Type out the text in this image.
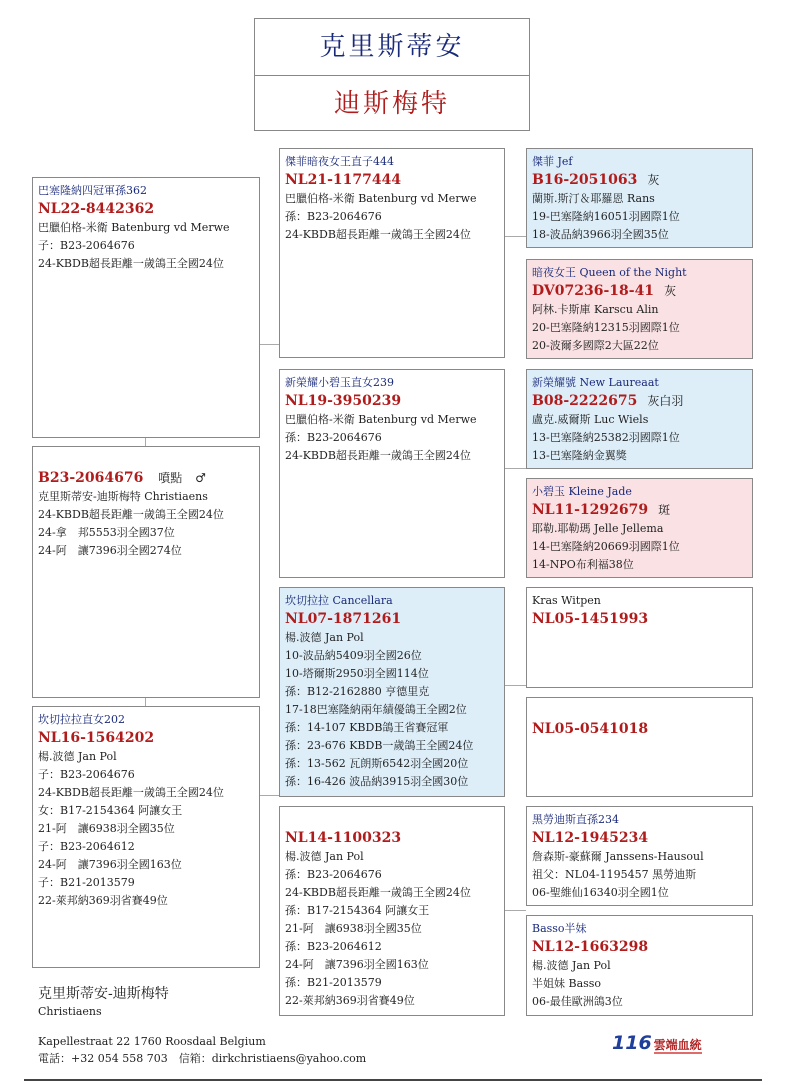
克里斯蒂安
迪斯梅特
巴塞隆納四冠軍孫362
NL22-8442362
巴臘伯格-米衛 Batenburg vd Merwe
子：B23-2064676
24-KBDB超長距離一歲鴿王全國24位
B23-2064676 噴點 ♂
克里斯蒂安-迪斯梅特 Christiaens
24-KBDB超長距離一歲鴿王全國24位
24-拿　邦5553羽全國37位
24-阿　讓7396羽全國274位
坎切拉拉直女202
NL16-1564202
楊.波德 Jan Pol
子：B23-2064676
24-KBDB超長距離一歲鴿王全國24位
女：B17-2154364 阿讓女王
21-阿　讓6938羽全國35位
子：B23-2064612
24-阿　讓7396羽全國163位
子：B21-2013579
22-萊邦納369羽省賽49位
傑菲暗夜女王直子444
NL21-1177444
巴臘伯格-米衛 Batenburg vd Merwe
孫：B23-2064676
24-KBDB超長距離一歲鴿王全國24位
新榮耀小碧玉直女239
NL19-3950239
巴臘伯格-米衛 Batenburg vd Merwe
孫：B23-2064676
24-KBDB超長距離一歲鴿王全國24位
坎切拉拉 Cancellara
NL07-1871261
楊.波德 Jan Pol
10-波品納5409羽全國26位
10-塔爾斯2950羽全國114位
孫：B12-2162880 亨德里克
17-18巴塞隆納兩年績優鴿王全國2位
孫：14-107 KBDB鴿王省賽冠軍
孫：23-676 KBDB一歲鴿王全國24位
孫：13-562 瓦朗斯6542羽全國20位
孫：16-426 波品納3915羽全國30位
NL14-1100323
楊.波德 Jan Pol
孫：B23-2064676
24-KBDB超長距離一歲鴿王全國24位
孫：B17-2154364 阿讓女王
21-阿　讓6938羽全國35位
孫：B23-2064612
24-阿　讓7396羽全國163位
孫：B21-2013579
22-萊邦納369羽省賽49位
傑菲 Jef
B16-2051063 灰
蘭斯.斯汀＆耶羅恩 Rans
19-巴塞隆納16051羽國際1位
18-波品納3966羽全國35位
暗夜女王 Queen of the Night
DV07236-18-41 灰
阿林.卡斯庫 Karscu Alin
20-巴塞隆納12315羽國際1位
20-波爾多國際2大區22位
新榮耀號 New Laureaat
B08-2222675 灰白羽
盧克.威爾斯 Luc Wiels
13-巴塞隆納25382羽國際1位
13-巴塞隆納金翼獎
小碧玉 Kleine Jade
NL11-1292679 斑
耶勒.耶勒瑪 Jelle Jellema
14-巴塞隆納20669羽國際1位
14-NPO布利福38位
Kras Witpen
NL05-1451993
NL05-0541018
黑勞迪斯直孫234
NL12-1945234
詹森斯-豪蘇爾 Janssens-Hausoul
祖父：NL04-1195457 黑勞迪斯
06-聖維仙16340羽全國1位
Basso半妹
NL12-1663298
楊.波德 Jan Pol
半姐妹 Basso
06-最佳歐洲鴿3位
克里斯蒂安-迪斯梅特
Christiaens
Kapellestraat 22 1760 Roosdaal Belgium
電話：+32 054 558 703　信箱：dirkchristiaens@yahoo.com
116 雲端血統
